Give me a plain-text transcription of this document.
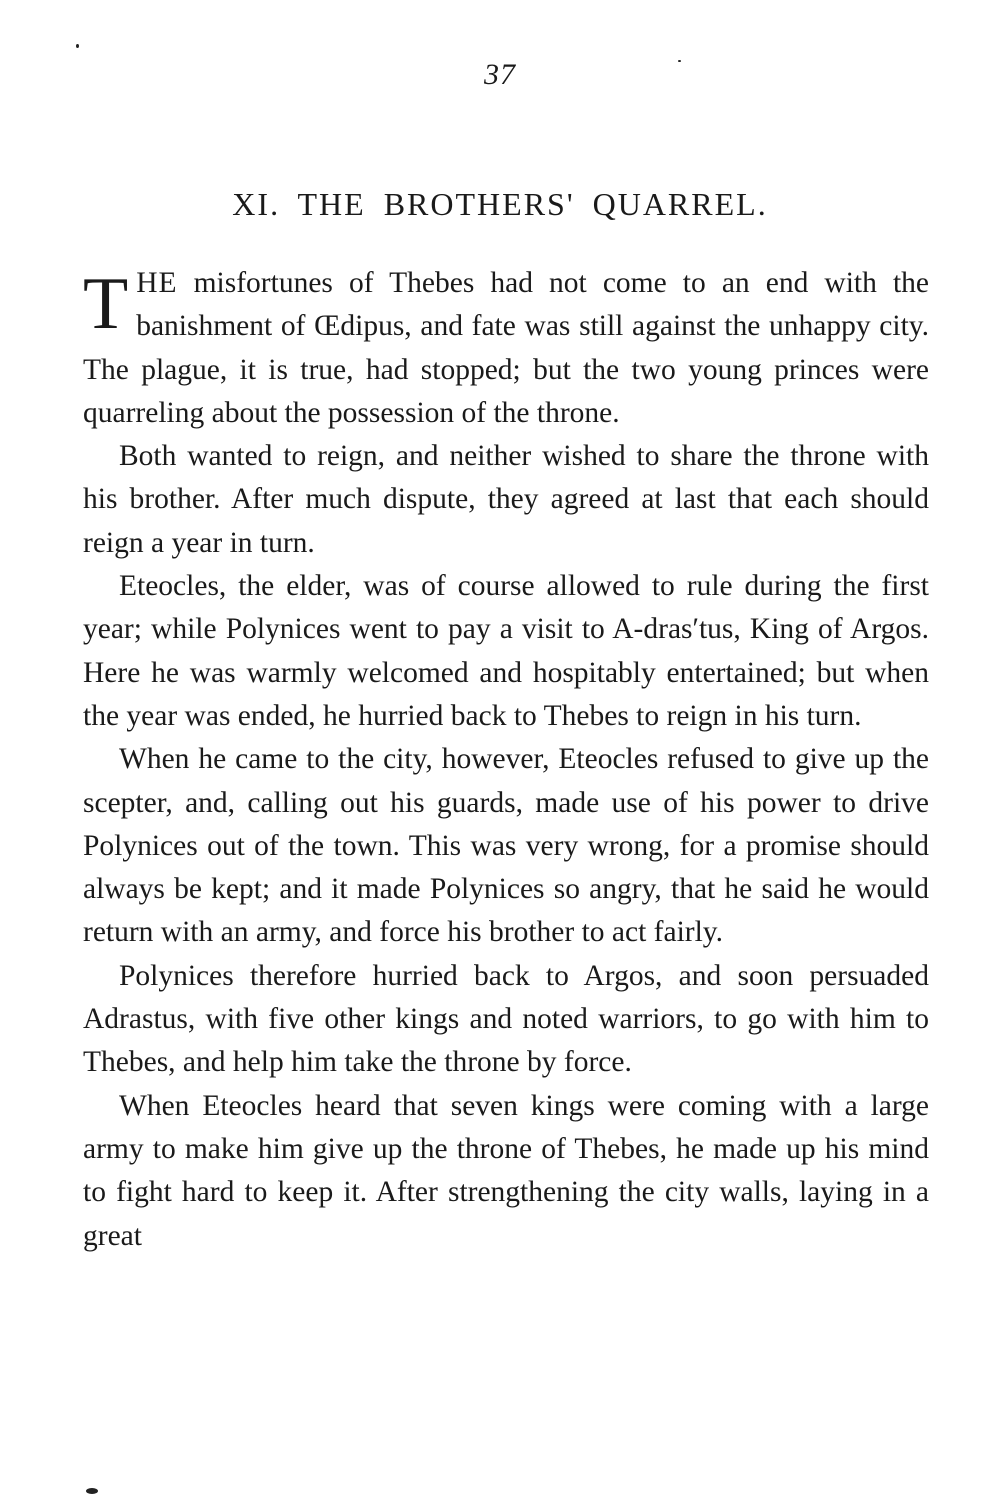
37
XI. THE BROTHERS' QUARREL.

THE misfortunes of Thebes had not come to an end with the banishment of Œdipus, and fate was still against the unhappy city. The plague, it is true, had stopped; but the two young princes were quarreling about the possession of the throne.

Both wanted to reign, and neither wished to share the throne with his brother. After much dispute, they agreed at last that each should reign a year in turn.

Eteocles, the elder, was of course allowed to rule during the first year; while Polynices went to pay a visit to A-dras′tus, King of Argos. Here he was warmly welcomed and hospitably entertained; but when the year was ended, he hurried back to Thebes to reign in his turn.

When he came to the city, however, Eteocles refused to give up the scepter, and, calling out his guards, made use of his power to drive Polynices out of the town. This was very wrong, for a promise should always be kept; and it made Polynices so angry, that he said he would return with an army, and force his brother to act fairly.

Polynices therefore hurried back to Argos, and soon persuaded Adrastus, with five other kings and noted warriors, to go with him to Thebes, and help him take the throne by force.

When Eteocles heard that seven kings were coming with a large army to make him give up the throne of Thebes, he made up his mind to fight hard to keep it. After strengthening the city walls, laying in a great
